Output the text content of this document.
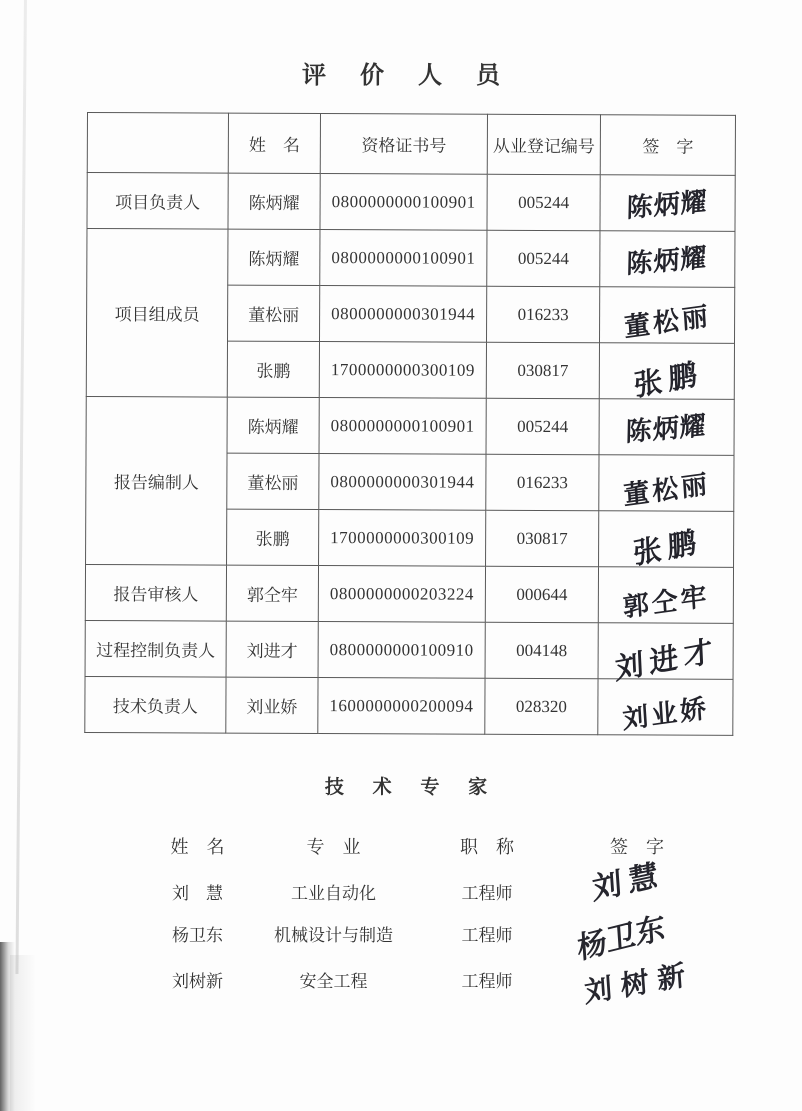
评 价 人 员
	姓　名	资格证书号	从业登记编号	签　字
项目负责人	陈炳耀	0800000000100901	005244	陈炳耀
项目组成员	陈炳耀	0800000000100901	005244	陈炳耀
	董松丽	0800000000301944	016233	董松丽
	张鹏	1700000000300109	030817	张鹏
报告编制人	陈炳耀	0800000000100901	005244	陈炳耀
	董松丽	0800000000301944	016233	董松丽
	张鹏	1700000000300109	030817	张鹏
报告审核人	郭仝牢	0800000000203224	000644	郭仝牢
过程控制负责人	刘进才	0800000000100910	004148	刘进才
技术负责人	刘业娇	1600000000200094	028320	刘业娇
技 术 专 家
姓　名	专　业	职　称	签　字
刘　慧	工业自动化	工程师	刘慧
杨卫东	机械设计与制造	工程师	杨卫东
刘树新	安全工程	工程师	刘树新
